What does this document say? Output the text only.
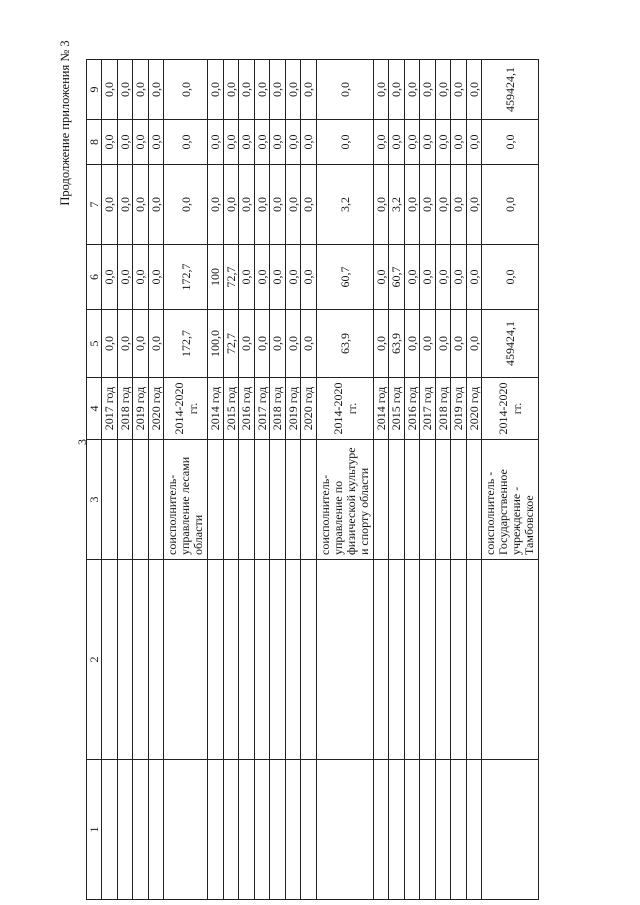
3
Продолжение приложения № 3
1	2	3	4	5	6	7	8	9
			2017 год	0,0	0,0	0,0	0,0	0,0
			2018 год	0,0	0,0	0,0	0,0	0,0
			2019 год	0,0	0,0	0,0	0,0	0,0
			2020 год	0,0	0,0	0,0	0,0	0,0
		соисполнитель-управление лесами области	2014-2020 гг.	172,7	172,7	0,0	0,0	0,0
			2014 год	100,0	100	0,0	0,0	0,0
			2015 год	72,7	72,7	0,0	0,0	0,0
			2016 год	0,0	0,0	0,0	0,0	0,0
			2017 год	0,0	0,0	0,0	0,0	0,0
			2018 год	0,0	0,0	0,0	0,0	0,0
			2019 год	0,0	0,0	0,0	0,0	0,0
			2020 год	0,0	0,0	0,0	0,0	0,0
		соисполнитель-управление по физической культуре и спорту области	2014-2020 гг.	63,9	60,7	3,2	0,0	0,0
			2014 год	0,0	0,0	0,0	0,0	0,0
			2015 год	63,9	60,7	3,2	0,0	0,0
			2016 год	0,0	0,0	0,0	0,0	0,0
			2017 год	0,0	0,0	0,0	0,0	0,0
			2018 год	0,0	0,0	0,0	0,0	0,0
			2019 год	0,0	0,0	0,0	0,0	0,0
			2020 год	0,0	0,0	0,0	0,0	0,0
		соисполнитель - Государственное учреждение - Тамбовское	2014-2020 гг.	459424,1	0,0	0,0	0,0	459424,1
